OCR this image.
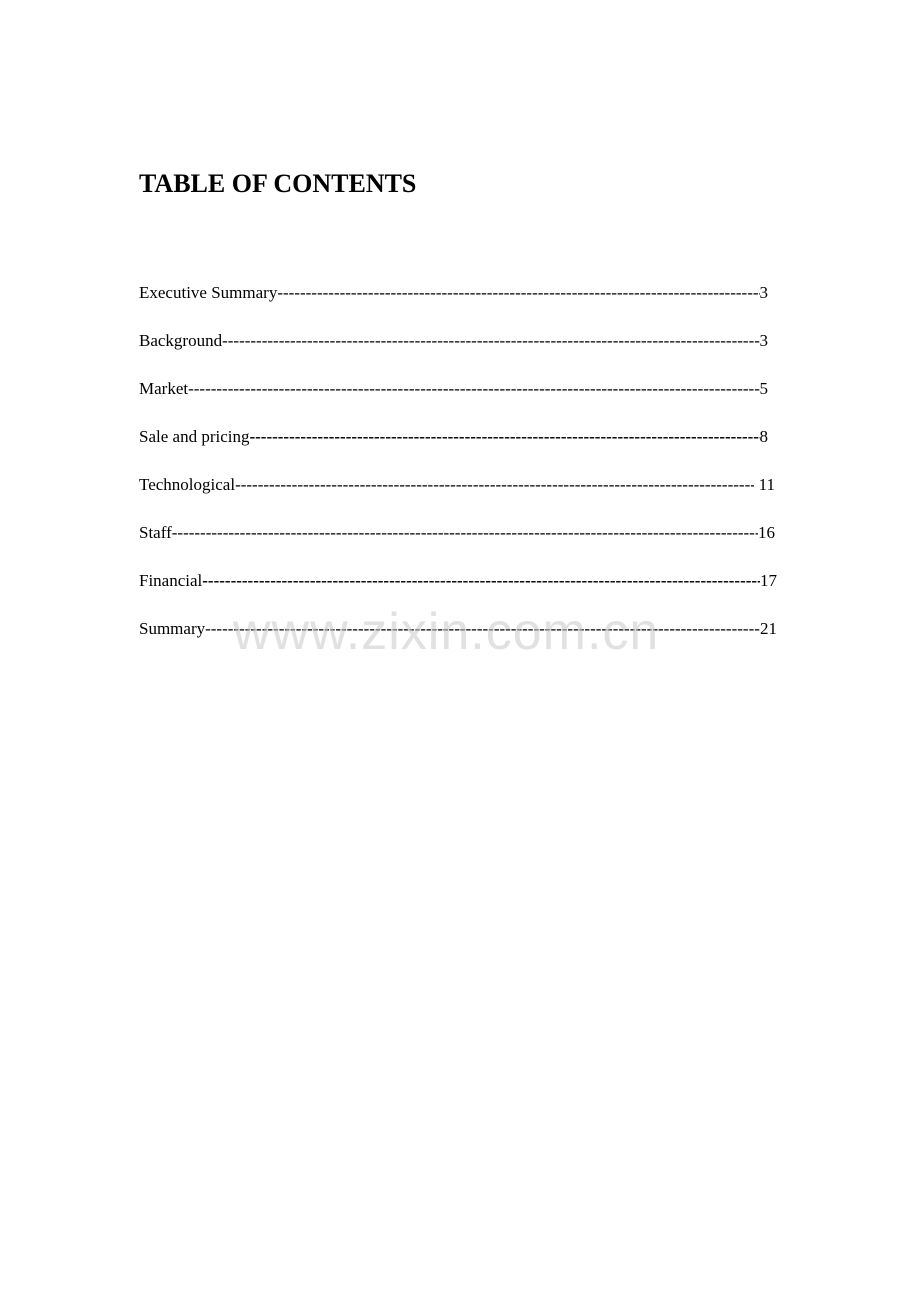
TABLE OF CONTENTS
Executive Summary -----	3
Background -----	3
Market -----	5
Sale and pricing -----	8
Technological -----	11
Staff -----	16
Financial -----	17
Summary -----	21
www.zixin.com.cn
